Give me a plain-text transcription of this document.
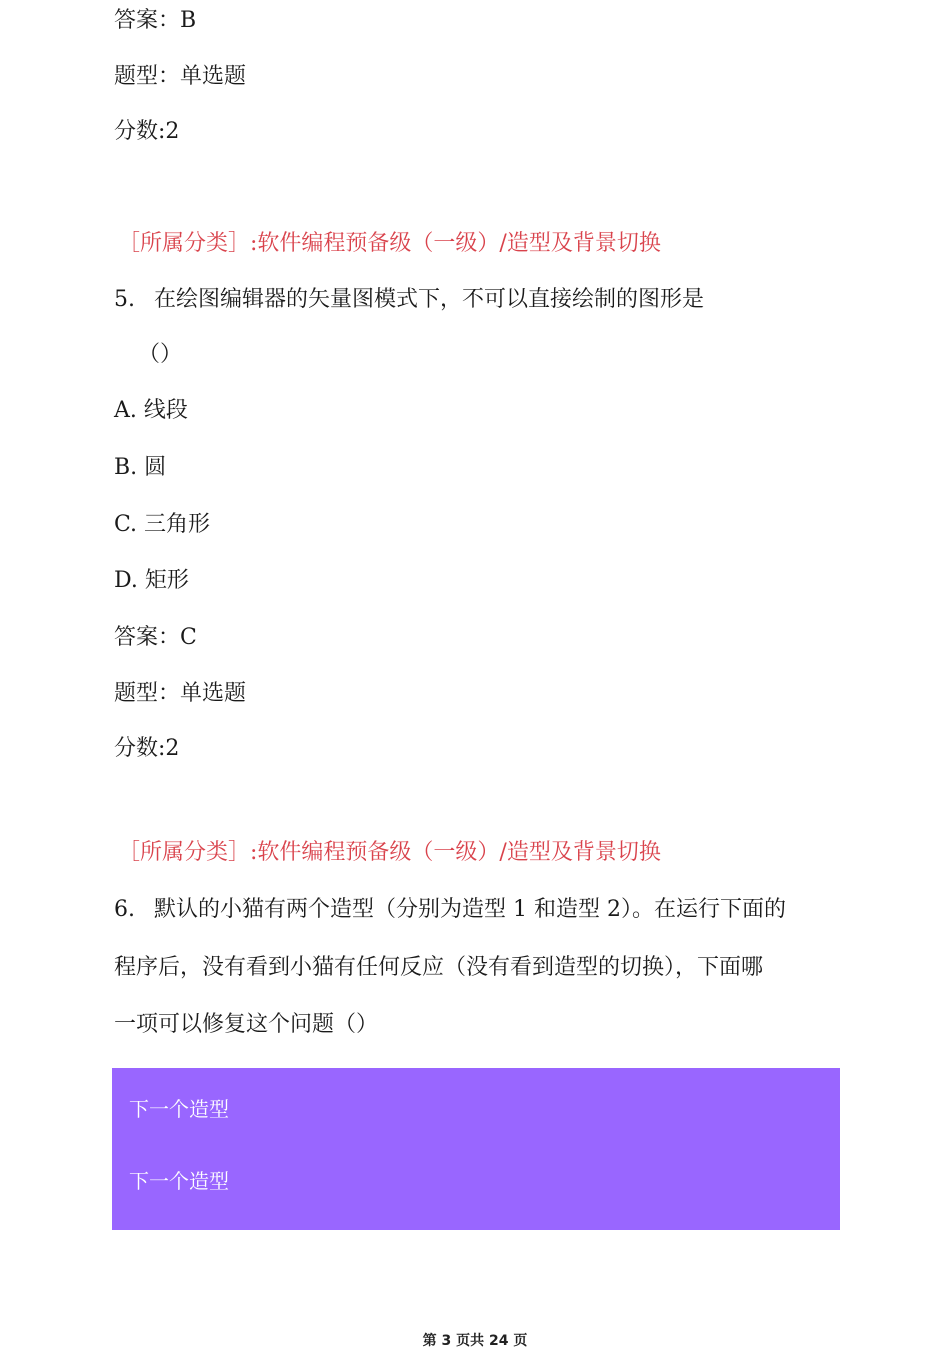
答案：B
题型：单选题
分数:2
［所属分类］:软件编程预备级（一级）/造型及背景切换
5. 在绘图编辑器的矢量图模式下，不可以直接绘制的图形是
（）
A. 线段
B. 圆
C. 三角形
D. 矩形
答案：C
题型：单选题
分数:2
［所属分类］:软件编程预备级（一级）/造型及背景切换
6. 默认的小猫有两个造型（分别为造型 1 和造型 2）。在运行下面的
程序后，没有看到小猫有任何反应（没有看到造型的切换），下面哪
一项可以修复这个问题（）
下一个造型
下一个造型
第 3 页共 24 页
